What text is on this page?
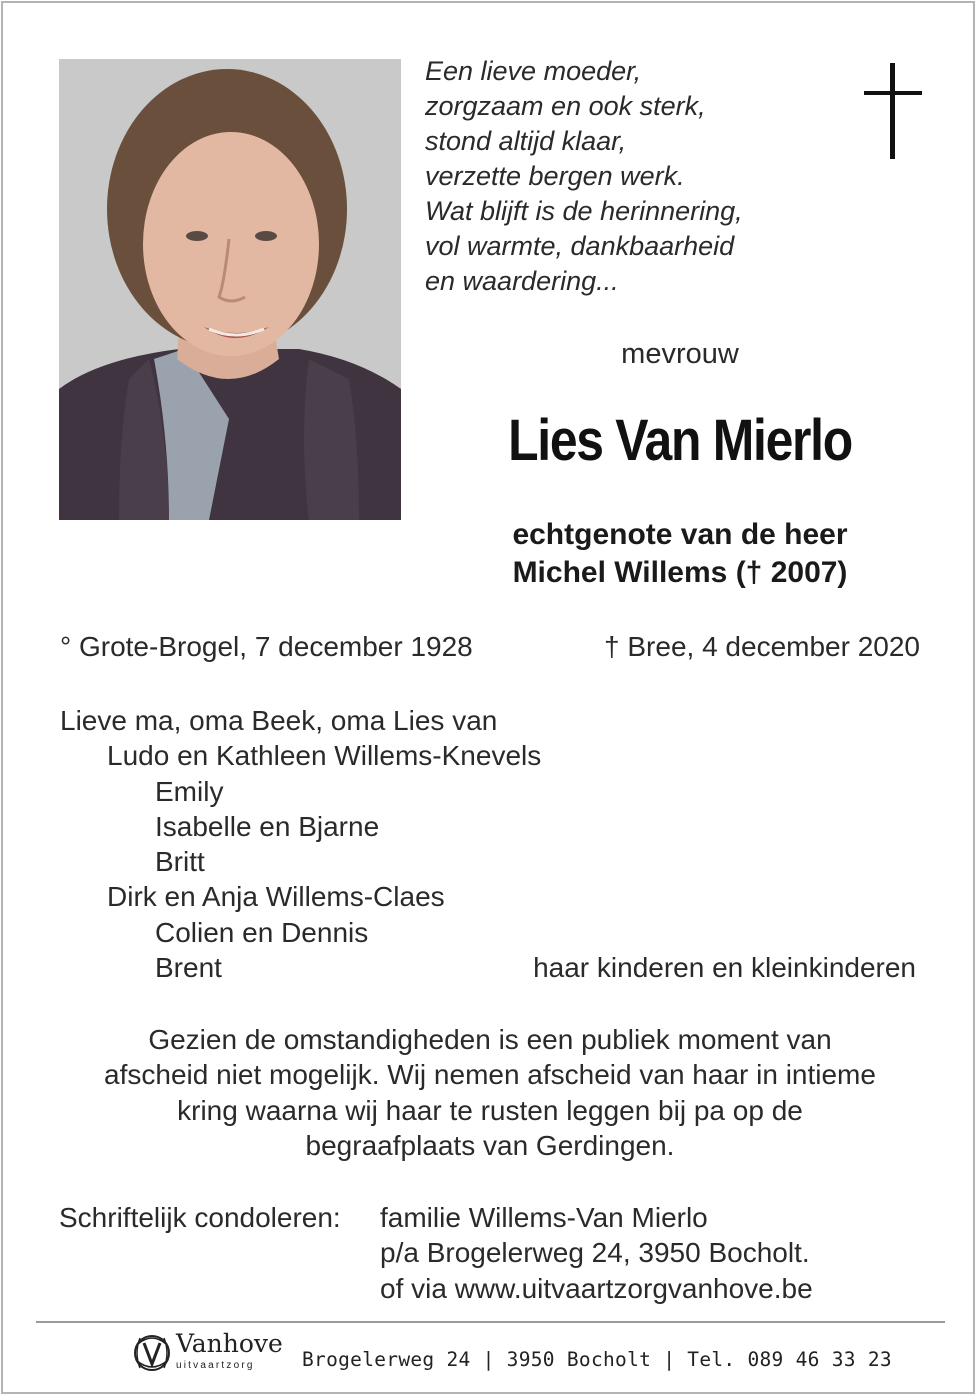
Een lieve moeder,
zorgzaam en ook sterk,
stond altijd klaar,
verzette bergen werk.
Wat blijft is de herinnering,
vol warmte, dankbaarheid
en waardering...
mevrouw
Lies Van Mierlo
echtgenote van de heer
Michel Willems († 2007)
° Grote-Brogel, 7 december 1928	† Bree, 4 december 2020
Lieve ma, oma Beek, oma Lies van
Ludo en Kathleen Willems-Knevels
Emily
Isabelle en Bjarne
Britt
Dirk en Anja Willems-Claes
Colien en Dennis
Brent	haar kinderen en kleinkinderen
Gezien de omstandigheden is een publiek moment van
afscheid niet mogelijk. Wij nemen afscheid van haar in intieme
kring waarna wij haar te rusten leggen bij pa op de
begraafplaats van Gerdingen.
Schriftelijk condoleren: familie Willems-Van Mierlo
p/a Brogelerweg 24, 3950 Bocholt.
of via www.uitvaartzorgvanhove.be
Vanhove
uitvaartzorg Brogelerweg 24 | 3950 Bocholt | Tel. 089 46 33 23
